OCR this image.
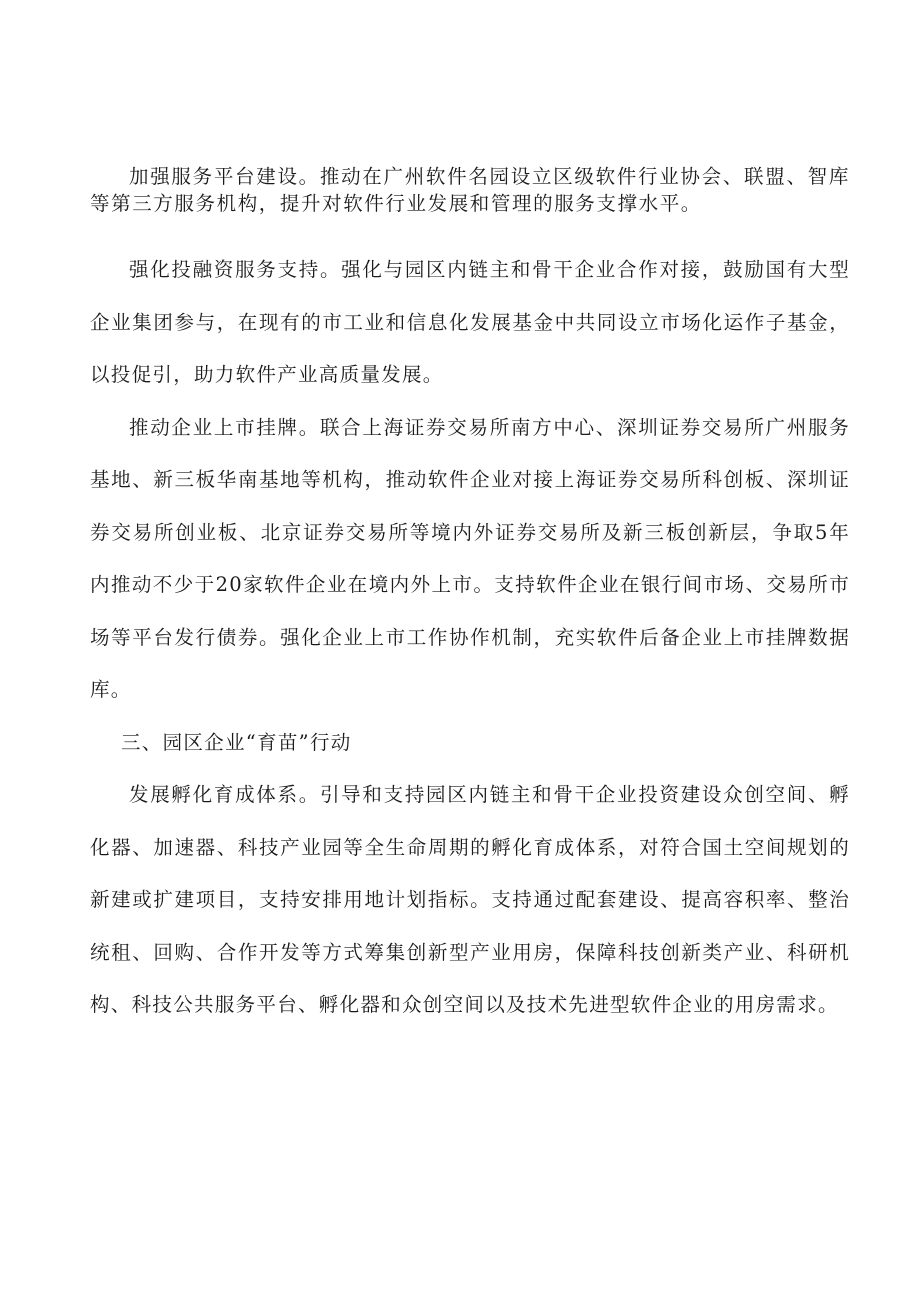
加强服务平台建设。推动在广州软件名园设立区级软件行业协会、联盟、智库等第三方服务机构，提升对软件行业发展和管理的服务支撑水平。

强化投融资服务支持。强化与园区内链主和骨干企业合作对接，鼓励国有大型企业集团参与，在现有的市工业和信息化发展基金中共同设立市场化运作子基金，以投促引，助力软件产业高质量发展。

推动企业上市挂牌。联合上海证券交易所南方中心、深圳证券交易所广州服务基地、新三板华南基地等机构，推动软件企业对接上海证券交易所科创板、深圳证券交易所创业板、北京证券交易所等境内外证券交易所及新三板创新层，争取5年内推动不少于20家软件企业在境内外上市。支持软件企业在银行间市场、交易所市场等平台发行债券。强化企业上市工作协作机制，充实软件后备企业上市挂牌数据库。

三、园区企业“育苗”行动

发展孵化育成体系。引导和支持园区内链主和骨干企业投资建设众创空间、孵化器、加速器、科技产业园等全生命周期的孵化育成体系，对符合国土空间规划的新建或扩建项目，支持安排用地计划指标。支持通过配套建设、提高容积率、整治统租、回购、合作开发等方式筹集创新型产业用房，保障科技创新类产业、科研机构、科技公共服务平台、孵化器和众创空间以及技术先进型软件企业的用房需求。
